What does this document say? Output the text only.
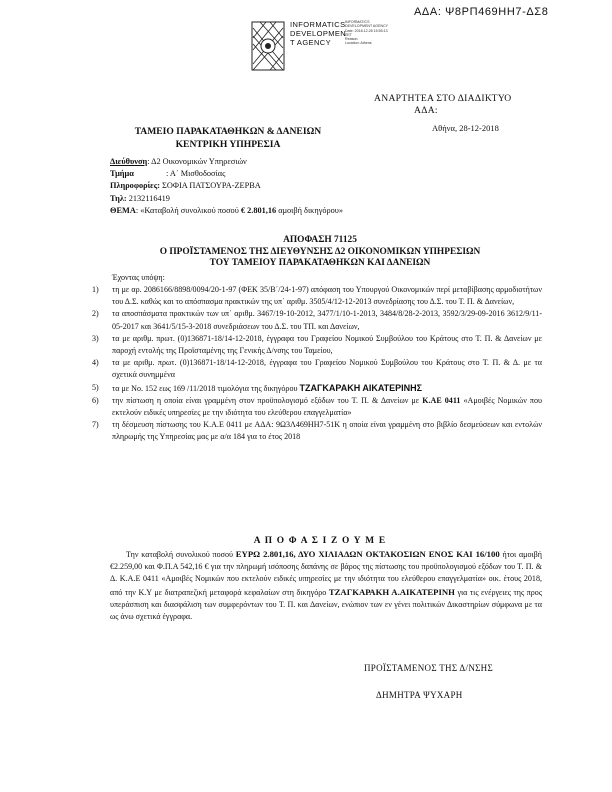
ΑΔΑ: Ψ8ΡΠ469ΗΗ7-ΔΣ8
INFORMATICS
DEVELOPMEN
T AGENCY
INFORMATICS
DEVELOPMENT AGENCY
Date: 2018.12.28 15:55:13
EET
Reason:
Location: Athens
ΑΝΑΡΤΗΤΕΑ ΣΤΟ ΔΙΑΔΙΚΤΥΟ
ΑΔΑ:
Αθήνα, 28-12-2018
ΤΑΜΕΙΟ ΠΑΡΑΚΑΤΑΘΗΚΩΝ & ΔΑΝΕΙΩΝ
ΚΕΝΤΡΙΚΗ ΥΠΗΡΕΣΙΑ
Διεύθυνση: Δ2 Οικονομικών Υπηρεσιών
Τμήμα	: Α΄ Μισθοδοσίας
Πληροφορίες: ΣΟΦΙΑ ΠΑΤΣΟΥΡΑ-ΖΕΡΒΑ
Τηλ: 2132116419
ΘΕΜΑ: «Καταβολή συνολικού ποσού € 2.801,16 αμοιβή δικηγόρου»
ΑΠΟΦΑΣΗ 71125
Ο ΠΡΟΪΣΤΑΜΕΝΟΣ ΤΗΣ ΔΙΕΥΘΥΝΣΗΣ Δ2 ΟΙΚΟΝΟΜΙΚΩΝ ΥΠΗΡΕΣΙΩΝ
ΤΟΥ ΤΑΜΕΙΟΥ ΠΑΡΑΚΑΤΑΘΗΚΩΝ ΚΑΙ ΔΑΝΕΙΩΝ
Έχοντας υπόψη:
1) τη με αρ. 2086166/8898/0094/20-1-97 (ΦΕΚ 35/Β΄/24-1-97) απόφαση του Υπουργού Οικονομικών περί μεταβίβασης αρμοδιοτήτων του Δ.Σ. καθώς και το απόσπασμα πρακτικών της υπ΄ αριθμ. 3505/4/12-12-2013 συνεδρίασης του Δ.Σ. του Τ. Π. & Δανείων,
2) τα αποσπάσματα πρακτικών των υπ΄ αριθμ. 3467/19-10-2012, 3477/1/10-1-2013, 3484/8/28-2-2013, 3592/3/29-09-2016 3612/9/11-05-2017 και 3641/5/15-3-2018 συνεδριάσεων του Δ.Σ. του ΤΠ. και Δανείων,
3) τα με αριθμ. πρωτ. (0)136871-18/14-12-2018, έγγραφα του Γραφείου Νομικού Συμβούλου του Κράτους στο Τ. Π. & Δανείων με παροχή εντολής της Προϊσταμένης της Γενικής Δ/νσης του Ταμείου,
4) τα με αριθμ. πρωτ. (0)136871-18/14-12-2018, έγγραφα του Γραφείου Νομικού Συμβούλου του Κράτους στο Τ. Π. & Δ. με τα σχετικά συνημμένα
5) τα με Νο. 152 εως 169 /11/2018 τιμολόγια της δικηγόρου ΤΖΑΓΚΑΡΑΚΗ ΑΙΚΑΤΕΡΙΝΗΣ
6) την πίστωση η οποία είναι γραμμένη στον προϋπολογισμό εξόδων του Τ. Π. & Δανείων με Κ.ΑΕ 0411 «Αμοιβές Νομικών που εκτελούν ειδικές υπηρεσίες με την ιδιότητα του ελεύθερου επαγγελματία»
7) τη δέσμευση πίστωσης του Κ.Α.Ε 0411 με ΑΔΑ: 9Ω3Λ469ΗΗ7-51Κ η οποία είναι γραμμένη στο βιβλίο δεσμεύσεων και εντολών πληρωμής της Υπηρεσίας μας με α/α 184 για το έτος 2018
Α Π Ο Φ Α Σ Ι Ζ Ο Υ Μ Ε
Την καταβολή συνολικού ποσού ΕΥΡΩ 2.801,16, ΔΥΟ ΧΙΛΙΑΔΩΝ ΟΚΤΑΚΟΣΙΩΝ ΕΝΟΣ ΚΑΙ 16/100 ήτοι αμοιβή €2.259,00 και Φ.Π.Α 542,16 € για την πληρωμή ισόποσης δαπάνης σε βάρος της πίστωσης του προϋπολογισμού εξόδων του Τ. Π. & Δ. Κ.Α.Ε 0411 «Αμοιβές Νομικών που εκτελούν ειδικές υπηρεσίες με την ιδιότητα του ελεύθερου επαγγελματία» οικ. έτους 2018, από την Κ.Υ με διατραπεζική μεταφορά κεφαλαίων στη δικηγόρο ΤΖΑΓΚΑΡΑΚΗ Α.ΑΙΚΑΤΕΡΙΝΗ για τις ενέργειες της προς υπεράσπιση και διασφάλιση των συμφερόντων του Τ. Π. και Δανείων, ενώπιον των εν γένει πολιτικών Δικαστηρίων σύμφωνα με τα ως άνω σχετικά έγγραφα.
ΠΡΟΪΣΤΑΜΕΝΟΣ ΤΗΣ Δ/ΝΣΗΣ
ΔΗΜΗΤΡΑ ΨΥΧΑΡΗ
